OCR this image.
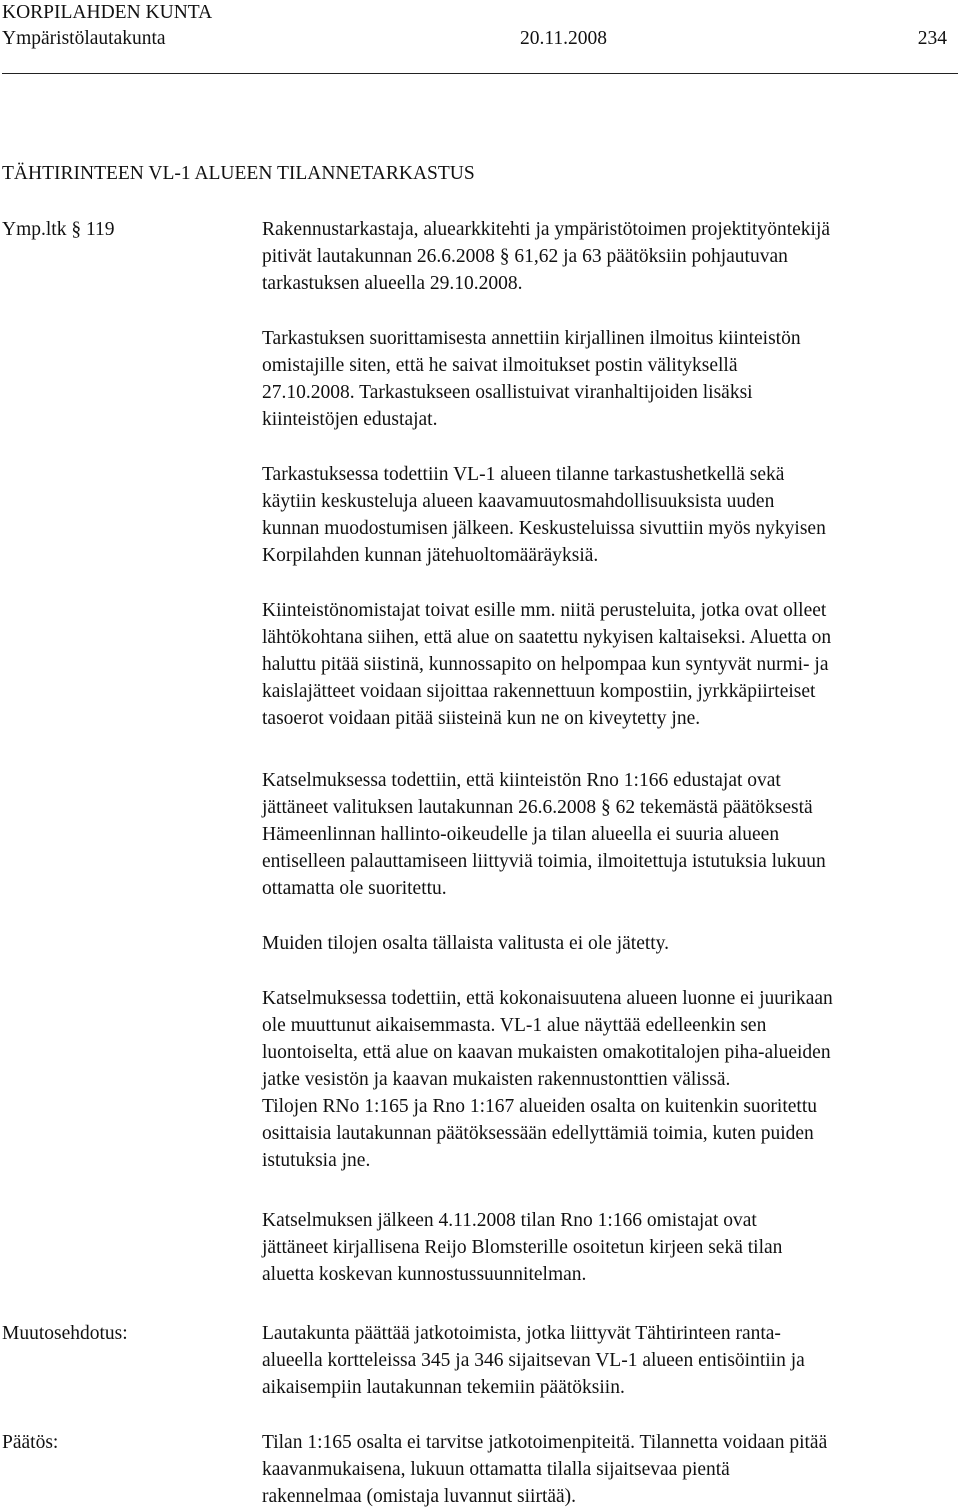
KORPILAHDEN KUNTA
Ympäristölautakunta	20.11.2008	234
TÄHTIRINTEEN VL-1 ALUEEN TILANNETARKASTUS
Ymp.ltk § 119	Rakennustarkastaja, aluearkkitehti ja ympäristötoimen projektityöntekijä
pitivät lautakunnan 26.6.2008 § 61,62 ja 63 päätöksiin pohjautuvan
tarkastuksen alueella 29.10.2008.
Tarkastuksen suorittamisesta annettiin kirjallinen ilmoitus kiinteistön
omistajille siten, että he saivat ilmoitukset postin välityksellä
27.10.2008. Tarkastukseen osallistuivat viranhaltijoiden lisäksi
kiinteistöjen edustajat.
Tarkastuksessa todettiin VL-1 alueen tilanne tarkastushetkellä sekä
käytiin keskusteluja alueen kaavamuutosmahdollisuuksista uuden
kunnan muodostumisen jälkeen. Keskusteluissa sivuttiin myös nykyisen
Korpilahden kunnan jätehuoltomääräyksiä.
Kiinteistönomistajat toivat esille mm. niitä perusteluita, jotka ovat olleet
lähtökohtana siihen, että alue on saatettu nykyisen kaltaiseksi. Aluetta on
haluttu pitää siistinä, kunnossapito on helpompaa kun syntyvät nurmi- ja
kaislajätteet voidaan sijoittaa rakennettuun kompostiin, jyrkkäpiirteiset
tasoerot voidaan pitää siisteinä kun ne on kiveytetty jne.
Katselmuksessa todettiin, että kiinteistön Rno 1:166 edustajat ovat
jättäneet valituksen lautakunnan 26.6.2008 § 62 tekemästä päätöksestä
Hämeenlinnan hallinto-oikeudelle ja tilan alueella ei suuria alueen
entiselleen palauttamiseen liittyviä toimia, ilmoitettuja istutuksia lukuun
ottamatta ole suoritettu.
Muiden tilojen osalta tällaista valitusta ei ole jätetty.
Katselmuksessa todettiin, että kokonaisuutena alueen luonne ei juurikaan
ole muuttunut aikaisemmasta. VL-1 alue näyttää edelleenkin sen
luontoiselta, että alue on kaavan mukaisten omakotitalojen piha-alueiden
jatke vesistön ja kaavan mukaisten rakennustonttien välissä.
Tilojen RNo 1:165 ja Rno 1:167 alueiden osalta on kuitenkin suoritettu
osittaisia lautakunnan päätöksessään edellyttämiä toimia, kuten puiden
istutuksia jne.
Katselmuksen jälkeen 4.11.2008 tilan Rno 1:166 omistajat ovat
jättäneet kirjallisena Reijo Blomsterille osoitetun kirjeen sekä tilan
aluetta koskevan kunnostussuunnitelman.
Muutosehdotus:	Lautakunta päättää jatkotoimista, jotka liittyvät Tähtirinteen ranta-
alueella kortteleissa 345 ja 346 sijaitsevan VL-1 alueen entisöintiin ja
aikaisempiin lautakunnan tekemiin päätöksiin.
Päätös:	Tilan 1:165 osalta ei tarvitse jatkotoimenpiteitä. Tilannetta voidaan pitää
kaavanmukaisena, lukuun ottamatta tilalla sijaitsevaa pientä
rakennelmaa (omistaja luvannut siirtää).
